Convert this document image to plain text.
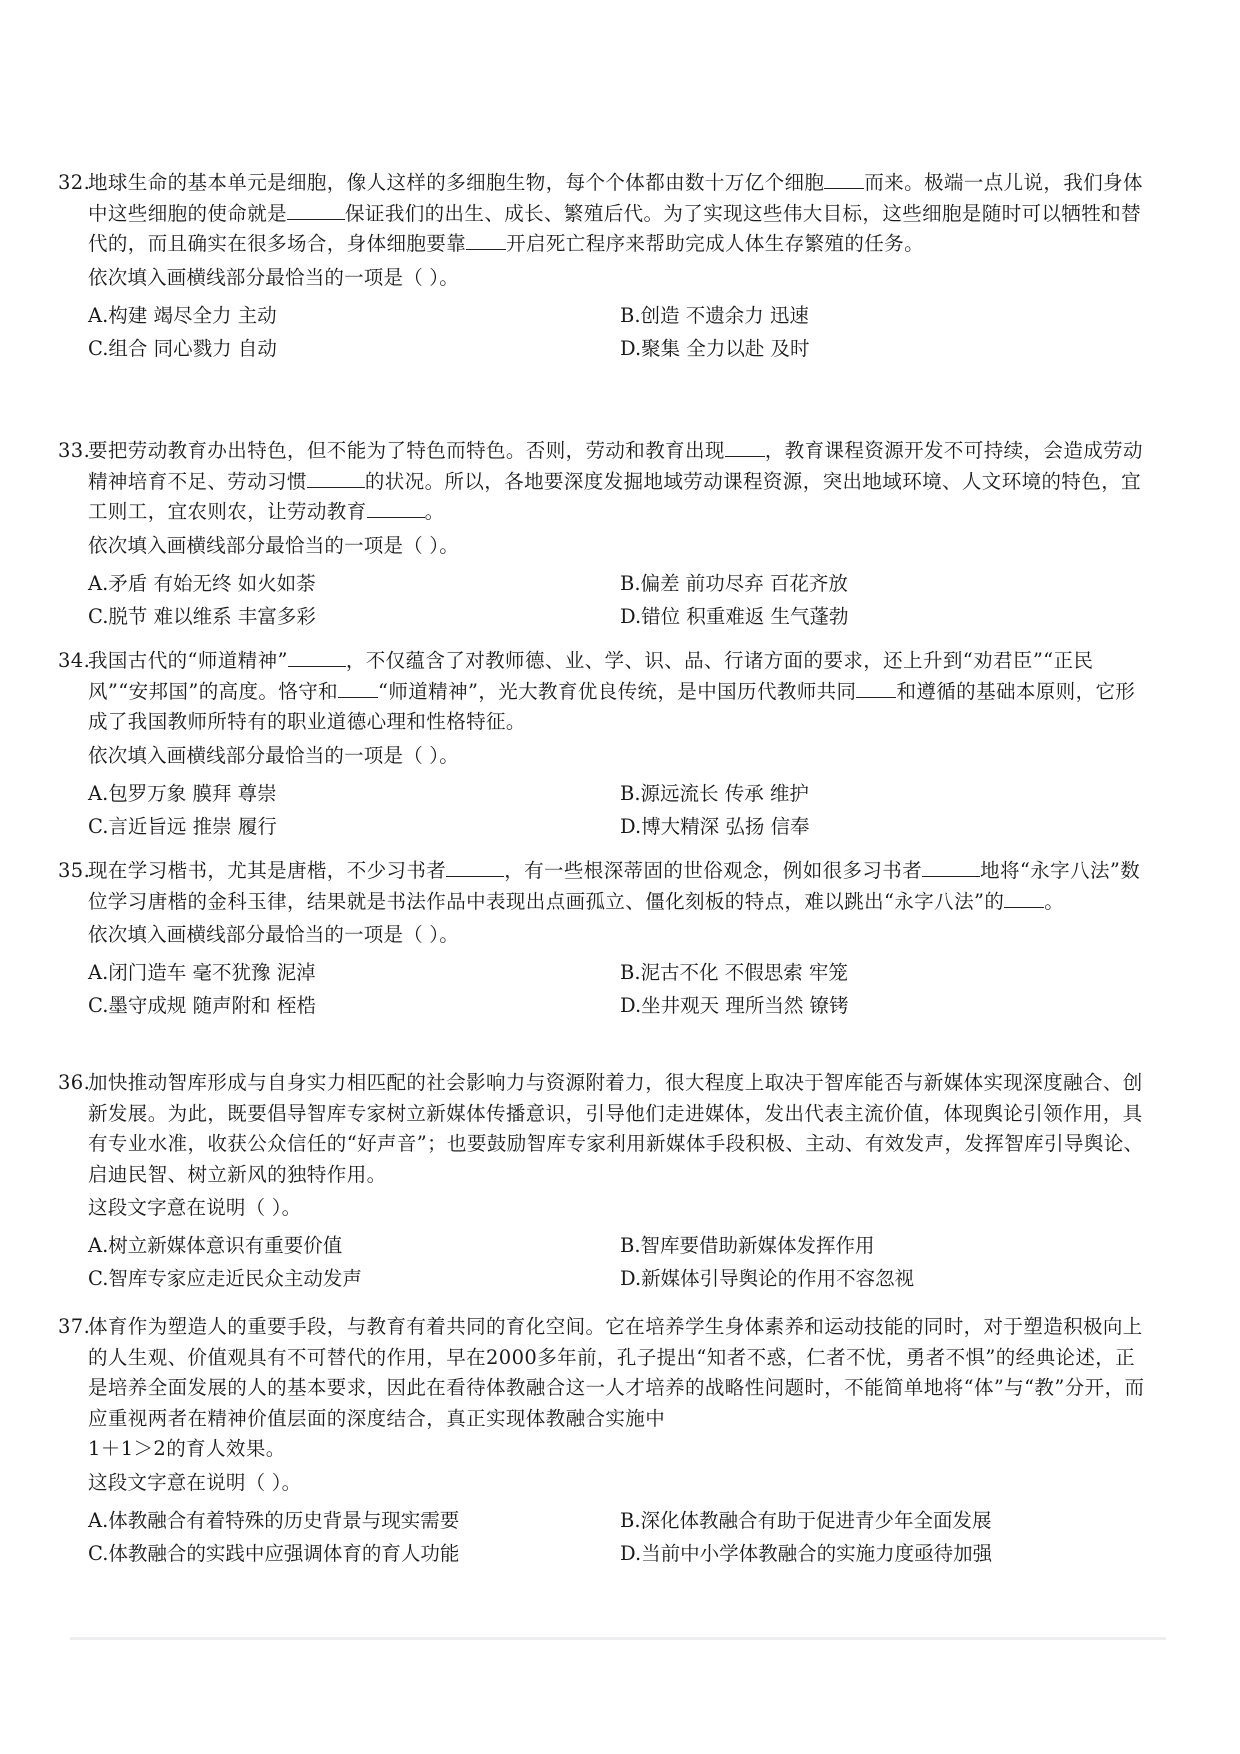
32.
地球生命的基本单元是细胞，像人这样的多细胞生物，每个个体都由数十万亿个细胞 而来。极端一点儿说，我们身体中这些细胞的使命就是	保证我们的出生、成长、繁殖后代。为了实现这些伟大目标，这些细胞是随时可以牺牲和替代的，而且确实在很多场合，身体细胞要靠 开启死亡程序来帮助完成人体生存繁殖的任务。
依次填入画横线部分最恰当的一项是（ ）。
A.构建 竭尽全力 主动	B.创造 不遗余力 迅速
C.组合 同心戮力 自动	D.聚集 全力以赴 及时
33.
要把劳动教育办出特色，但不能为了特色而特色。否则，劳动和教育出现 ，教育课程资源开发不可持续，会造成劳动精神培育不足、劳动习惯	的状况。所以，各地要深度发掘地域劳动课程资源，突出地域环境、人文环境的特色，宜工则工，宜农则农，让劳动教育	。
依次填入画横线部分最恰当的一项是（ ）。
A.矛盾 有始无终 如火如荼	B.偏差 前功尽弃 百花齐放
C.脱节 难以维系 丰富多彩	D.错位 积重难返 生气蓬勃
34.
我国古代的“师道精神”	，不仅蕴含了对教师德、业、学、识、品、行诸方面的要求，还上升到“劝君臣”“正民风”“安邦国”的高度。恪守和 “师道精神”，光大教育优良传统，是中国历代教师共同 和遵循的基础本原则，它形成了我国教师所特有的职业道德心理和性格特征。
依次填入画横线部分最恰当的一项是（ ）。
A.包罗万象 膜拜 尊崇	B.源远流长 传承 维护
C.言近旨远 推崇 履行	D.博大精深 弘扬 信奉
35.
现在学习楷书，尤其是唐楷，不少习书者	，有一些根深蒂固的世俗观念，例如很多习书者	地将“永字八法”数位学习唐楷的金科玉律，结果就是书法作品中表现出点画孤立、僵化刻板的特点，难以跳出“永字八法”的 。
依次填入画横线部分最恰当的一项是（ ）。
A.闭门造车 毫不犹豫 泥淖	B.泥古不化 不假思索 牢笼
C.墨守成规 随声附和 桎梏	D.坐井观天 理所当然 镣铐
36.
加快推动智库形成与自身实力相匹配的社会影响力与资源附着力，很大程度上取决于智库能否与新媒体实现深度融合、创新发展。为此，既要倡导智库专家树立新媒体传播意识，引导他们走进媒体，发出代表主流价值，体现舆论引领作用，具有专业水准，收获公众信任的“好声音”；也要鼓励智库专家利用新媒体手段积极、主动、有效发声，发挥智库引导舆论、启迪民智、树立新风的独特作用。
这段文字意在说明（ ）。
A.树立新媒体意识有重要价值	B.智库要借助新媒体发挥作用
C.智库专家应走近民众主动发声	D.新媒体引导舆论的作用不容忽视
37.
体育作为塑造人的重要手段，与教育有着共同的育化空间。它在培养学生身体素养和运动技能的同时，对于塑造积极向上的人生观、价值观具有不可替代的作用，早在2000多年前，孔子提出“知者不惑，仁者不忧，勇者不惧”的经典论述，正是培养全面发展的人的基本要求，因此在看待体教融合这一人才培养的战略性问题时，不能简单地将“体”与“教”分开，而应重视两者在精神价值层面的深度结合，真正实现体教融合实施中
1＋1＞2的育人效果。
这段文字意在说明（ ）。
A.体教融合有着特殊的历史背景与现实需要	B.深化体教融合有助于促进青少年全面发展
C.体教融合的实践中应强调体育的育人功能	D.当前中小学体教融合的实施力度亟待加强
